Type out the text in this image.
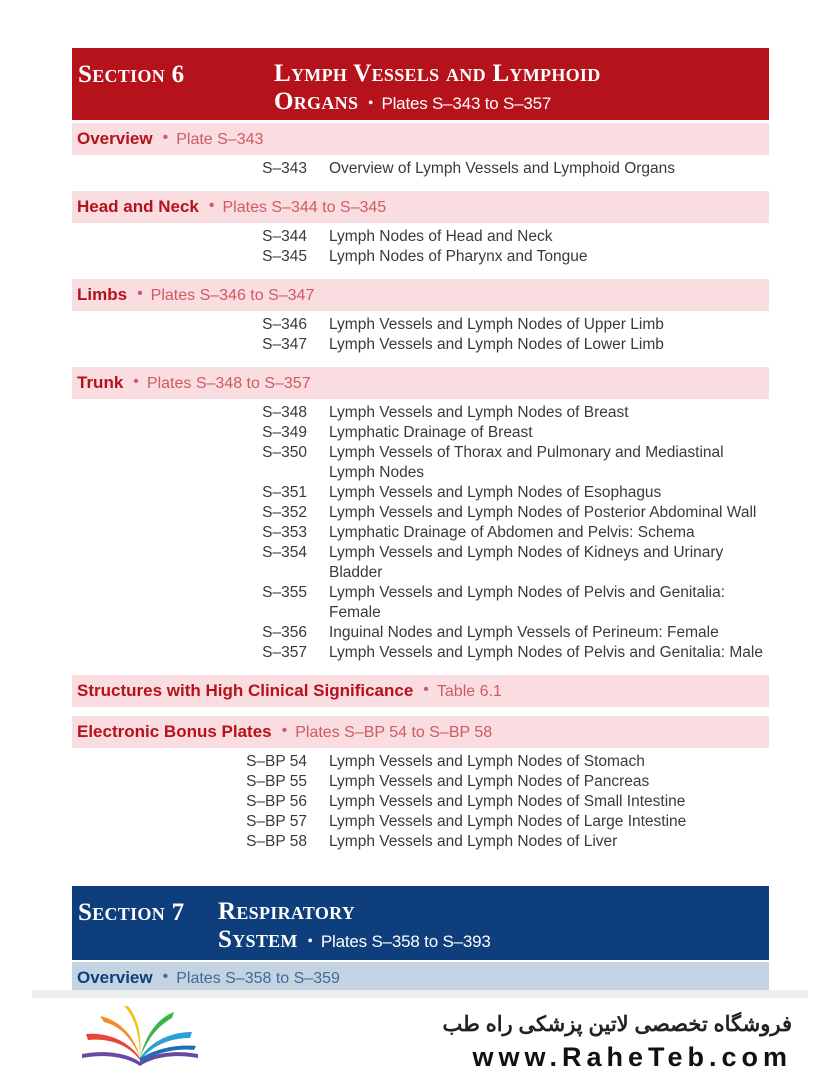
Section 6	Lymph Vessels and Lymphoid
Organs • Plates S–343 to S–357
Overview • Plate S–343
S–343 Overview of Lymph Vessels and Lymphoid Organs
Head and Neck • Plates S–344 to S–345
S–344 Lymph Nodes of Head and Neck
S–345 Lymph Nodes of Pharynx and Tongue
Limbs • Plates S–346 to S–347
S–346 Lymph Vessels and Lymph Nodes of Upper Limb
S–347 Lymph Vessels and Lymph Nodes of Lower Limb
Trunk • Plates S–348 to S–357
S–348 Lymph Vessels and Lymph Nodes of Breast
S–349 Lymphatic Drainage of Breast
S–350 Lymph Vessels of Thorax and Pulmonary and Mediastinal Lymph Nodes
S–351 Lymph Vessels and Lymph Nodes of Esophagus
S–352 Lymph Vessels and Lymph Nodes of Posterior Abdominal Wall
S–353 Lymphatic Drainage of Abdomen and Pelvis: Schema
S–354 Lymph Vessels and Lymph Nodes of Kidneys and Urinary Bladder
S–355 Lymph Vessels and Lymph Nodes of Pelvis and Genitalia: Female
S–356 Inguinal Nodes and Lymph Vessels of Perineum: Female
S–357 Lymph Vessels and Lymph Nodes of Pelvis and Genitalia: Male
Structures with High Clinical Significance • Table 6.1
Electronic Bonus Plates • Plates S–BP 54 to S–BP 58
S–BP 54 Lymph Vessels and Lymph Nodes of Stomach
S–BP 55 Lymph Vessels and Lymph Nodes of Pancreas
S–BP 56 Lymph Vessels and Lymph Nodes of Small Intestine
S–BP 57 Lymph Vessels and Lymph Nodes of Large Intestine
S–BP 58 Lymph Vessels and Lymph Nodes of Liver
Section 7 Respiratory
System • Plates S–358 to S–393
Overview • Plates S–358 to S–359
فروشگاه تخصصی لاتین پزشکی راه طب
www.RaheTeb.com
